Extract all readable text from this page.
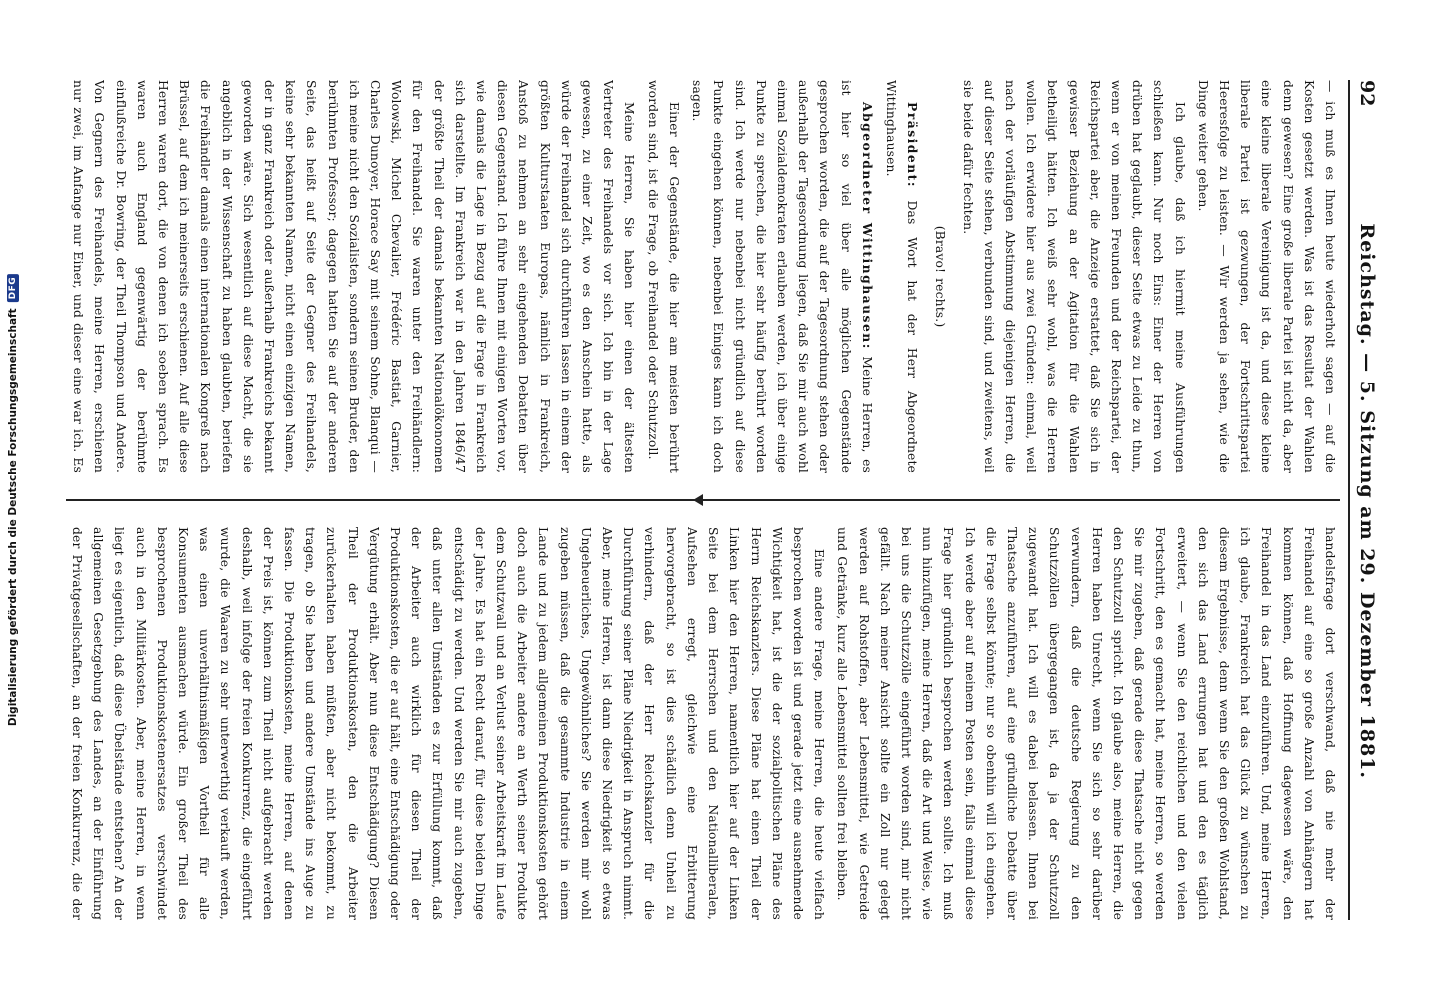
92
Reichstag. — 5. Sitzung am 29. Dezember 1881.

— ich muß es Ihnen heute wiederholt sagen — auf die Kosten gesetzt werden. Was ist das Resultat der Wahlen denn gewesen? Eine große liberale Partei ist nicht da, aber eine kleine liberale Vereinigung ist da, und diese kleine liberale Partei ist gezwungen, der Fortschrittspartei Heeresfolge zu leisten. — Wir werden ja sehen, wie die Dinge weiter gehen.

Ich glaube, daß ich hiermit meine Ausführungen schließen kann. Nur noch Eins: Einer der Herren von drüben hat geglaubt, dieser Seite etwas zu Leide zu thun, wenn er von meinen Freunden und der Reichspartei, der Reichspartei aber, die Anzeige erstattet, daß Sie sich in gewisser Beziehung an der Agitation für die Wahlen betheiligt hätten. Ich weiß sehr wohl, was die Herren wollen. Ich erwidere hier aus zwei Gründen: einmal, weil nach der vorläufigen Abstimmung diejenigen Herren, die auf dieser Seite stehen, verbunden sind, und zweitens, weil sie beide dafür fechten.

(Bravo! rechts.)

Präsident: Das Wort hat der Herr Abgeordnete Wittinghausen.

Abgeordneter Wittinghausen: Meine Herren, es ist hier so viel über alle möglichen Gegenstände gesprochen worden, die auf der Tagesordnung stehen oder außerhalb der Tagesordnung liegen, daß Sie mir auch wohl einmal Sozialdemokraten erlauben werden, ich über einige Punkte zu sprechen, die hier sehr häufig berührt worden sind. Ich werde nur nebenbei nicht gründlich auf diese Punkte eingehen können, nebenbei Einiges kann ich doch sagen.

Einer der Gegenstände, die hier am meisten berührt worden sind, ist die Frage, ob Freihandel oder Schutzzoll.

Meine Herren, Sie haben hier einen der ältesten Vertreter des Freihandels vor sich. Ich bin in der Lage gewesen, zu einer Zeit, wo es den Anschein hatte, als würde der Freihandel sich durchführen lassen in einem der größten Kulturstaaten Europas, nämlich in Frankreich, Anstoß zu nehmen an sehr eingehenden Debatten über diesen Gegenstand. Ich führe Ihnen mit einigen Worten vor, wie damals die Lage in Bezug auf die Frage in Frankreich sich darstellte. Im Frankreich war in den Jahren 1846/47 der größte Theil der damals bekannten Nationalökonomen für den Freihandel. Sie waren unter den Freihändlern: Wolowski, Michel Chevalier, Frédéric Bastiat, Garnier, Charles Dunoyer, Horace Say mit seinem Sohne, Blanqui — ich meine nicht den Sozialisten, sondern seinen Bruder, den berühmten Professor; dagegen hatten Sie auf der anderen Seite, das heißt auf Seite der Gegner des Freihandels, keine sehr bekannten Namen, nicht einen einzigen Namen, der in ganz Frankreich oder außerhalb Frankreichs bekannt geworden wäre. Sich wesentlich auf diese Macht, die sie angeblich in der Wissenschaft zu haben glaubten, beriefen die Freihändler damals einen internationalen Kongreß nach Brüssel, auf dem ich meinerseits erschienen. Auf alle diese Herren waren dort, die von denen ich soeben sprach. Es waren auch England gegenwärtig der berühmte einflußreiche Dr. Bowring, der Theil Thompson und Andere. Von Gegnern des Freihandels, meine Herren, erschienen nur zwei, im Anfange nur Einer, und dieser eine war ich. Es

handelsfrage dort verschwand, daß nie mehr der Freihandel auf eine so große Anzahl von Anhängern hat kommen können, daß Hoffnung dagewesen wäre, den Freihandel in das Land einzuführen. Und, meine Herren, ich glaube, Frankreich hat das Glück zu wünschen zu diesem Ergebnisse, denn wenn Sie den großen Wohlstand, den sich das Land errungen hat und den es täglich erweitert, — wenn Sie den reichlichen und den vielen Fortschritt, den es gemacht hat, meine Herren, so werden Sie mir zugeben, daß gerade diese Thatsache nicht gegen den Schutzzoll spricht. Ich glaube also, meine Herren, die Herren haben Unrecht, wenn Sie sich so sehr darüber verwundern, daß die deutsche Regierung zu den Schutzzöllen übergegangen ist, da ja der Schutzzoll zugewandt hat. Ich will es dabei belassen. Ihnen bei Thatsache anzuführen, auf eine gründliche Debatte über die Frage selbst könnte; nur so obenhin will ich eingehen. Ich werde aber auf meinem Posten sein, falls einmal diese Frage hier gründlich besprochen werden sollte. Ich muß nun hinzufügen, meine Herren, daß die Art und Weise, wie bei uns die Schutzzölle eingeführt worden sind, mir nicht gefällt. Nach meiner Ansicht sollte ein Zoll nur gelegt werden auf Rohstoffen, aber Lebensmittel, wie Getreide und Getränke, kurz alle Lebensmittel sollten frei bleiben.

Eine andere Frage, meine Herren, die heute vielfach besprochen worden ist und gerade jetzt eine ausnehmende Wichtigkeit hat, ist die der sozialpolitischen Pläne des Herrn Reichskanzlers. Diese Pläne hat einen Theil der Linken hier den Herren, namentlich hier auf der Linken Seite bei dem Herrschen und den Nationalliberalen, Aufsehen erregt, gleichwie eine Erbitterung hervorgebracht, so ist dies schädlich denn Unheil zu verhindern, daß der Herr Reichskanzler für die Durchführung seiner Pläne Niedrigkeit in Anspruch nimmt. Aber, meine Herren, ist dann diese Niedrigkeit so etwas Ungeheuerliches, Ungewöhnliches? Sie werden mir wohl zugeben müssen, daß die gesammte Industrie in einem Lande und zu jedem allgemeinen Produktionskosten gehört doch auch die Arbeiter andere an Werth seiner Produkte dem Schutzwall und an Verlust seiner Arbeitskraft im Laufe der Jahre. Es hat ein Recht darauf, für diese beiden Dinge entschädigt zu werden. Und werden Sie mir auch zugeben, daß unter allen Umständen es zur Erfüllung kommt, daß der Arbeiter auch wirklich für diesen Theil der Produktionskosten, die er auf hält, eine Entschädigung oder Vergütung erhält. Aber nun diese Entschädigung? Diesen Theil der Produktionskosten, den die Arbeiter zurückerhalten haben müßten, aber nicht bekommt, zu tragen, ob Sie haben und andere Umstände ins Auge zu fassen. Die Produktionskosten, meine Herren, auf denen der Preis ist, können zum Theil nicht aufgebracht werden deshalb, weil infolge der freien Konkurrenz, die eingeführt wurde, die Waaren zu sehr unterwerthig verkauft werden, was einen unverhältnismäßigen Vortheil für alle Konsumenten ausmachen würde. Ein großer Theil des besprochenen Produktionskostenersatzes verschwindet auch in den Militärkosten. Aber, meine Herren, in wenn liegt es eigentlich, daß diese Übelstände entstehen? An der allgemeinen Gesetzgebung des Landes, an der Einführung der Privatgesellschaften, an der freien Konkurrenz, die der

Digitalisierung gefördert durch die Deutsche Forschungsgemeinschaft
DFG
